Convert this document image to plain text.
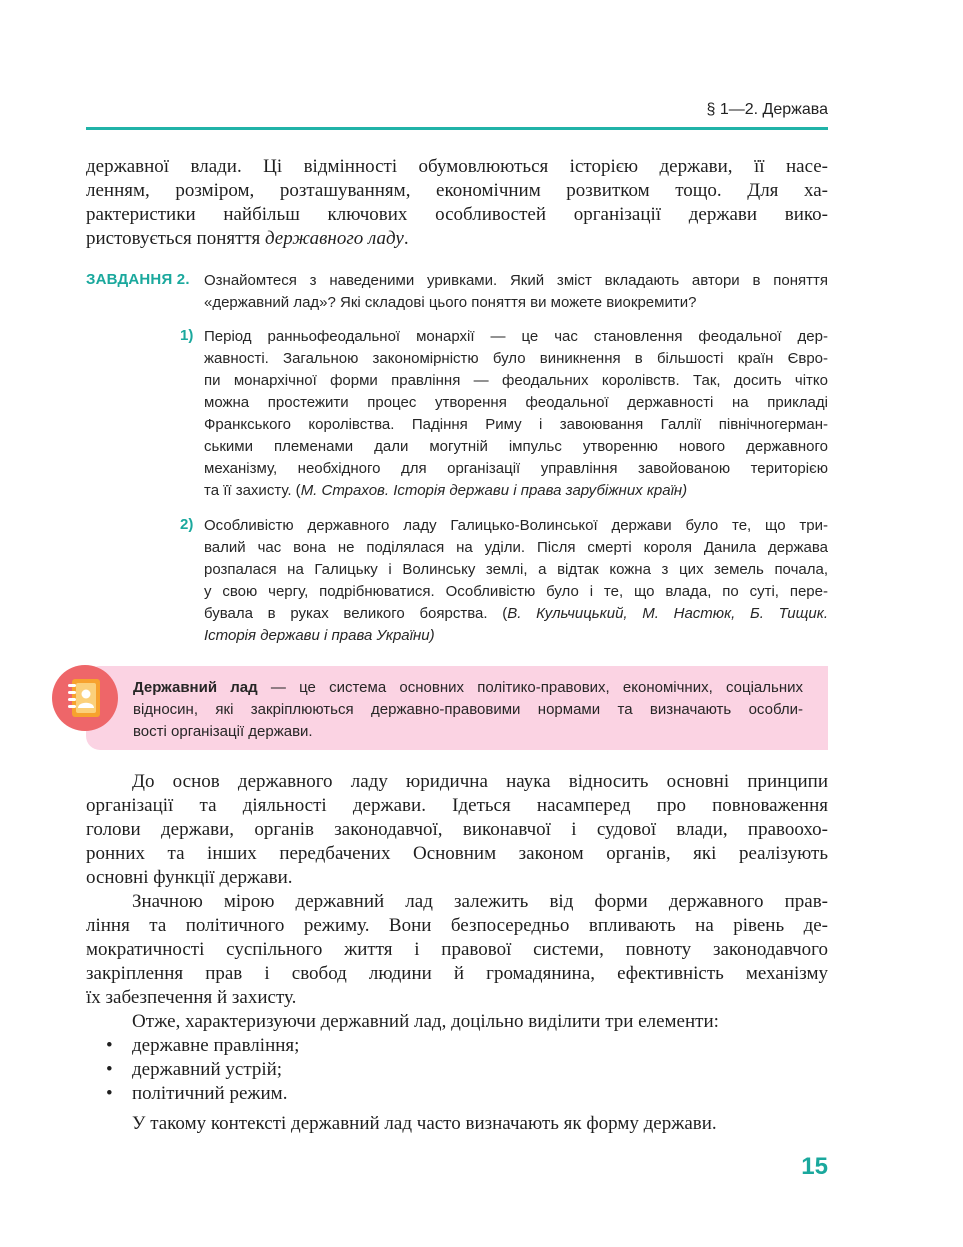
§ 1—2. Держава
державної влади. Ці відмінності обумовлюються історією держави, її насе-
ленням, розміром, розташуванням, економічним розвитком тощо. Для ха-
рактеристики найбільш ключових особливостей організації держави вико-
ристовується поняття державного ладу.
ЗАВДАННЯ 2. Ознайомтеся з наведеними уривками. Який зміст вкладають автори в поняття
«державний лад»? Які складові цього поняття ви можете виокремити?
1) Період ранньофеодальної монархії — це час становлення феодальної дер-
жавності. Загальною закономірністю було виникнення в більшості країн Євро-
пи монархічної форми правління — феодальних королівств. Так, досить чітко
можна простежити процес утворення феодальної державності на прикладі
Франкського королівства. Падіння Риму і завоювання Галлії північногерман-
ськими племенами дали могутній імпульс утворенню нового державного
механізму, необхідного для організації управління завойованою територією
та її захисту. (М. Страхов. Історія держави і права зарубіжних країн)
2) Особливістю державного ладу Галицько-Волинської держави було те, що три-
валий час вона не поділялася на уділи. Після смерті короля Данила держава
розпалася на Галицьку і Волинську землі, а відтак кожна з цих земель почала,
у свою чергу, подрібнюватися. Особливістю було і те, що влада, по суті, пере-
бувала в руках великого боярства. (В. Кульчицький, М. Настюк, Б. Тищик.
Історія держави і права України)
Державний лад — це система основних політико-правових, економічних, соціальних
відносин, які закріплюються державно-правовими нормами та визначають особли-
вості організації держави.
До основ державного ладу юридична наука відносить основні принципи
організації та діяльності держави. Ідеться насамперед про повноваження
голови держави, органів законодавчої, виконавчої і судової влади, правоохо-
ронних та інших передбачених Основним законом органів, які реалізують
основні функції держави.
Значною мірою державний лад залежить від форми державного прав-
ління та політичного режиму. Вони безпосередньо впливають на рівень де-
мократичності суспільного життя і правової системи, повноту законодавчого
закріплення прав і свобод людини й громадянина, ефективність механізму
їх забезпечення й захисту.
Отже, характеризуючи державний лад, доцільно виділити три елементи:
• державне правління;
• державний устрій;
• політичний режим.
У такому контексті державний лад часто визначають як форму держави.
15
